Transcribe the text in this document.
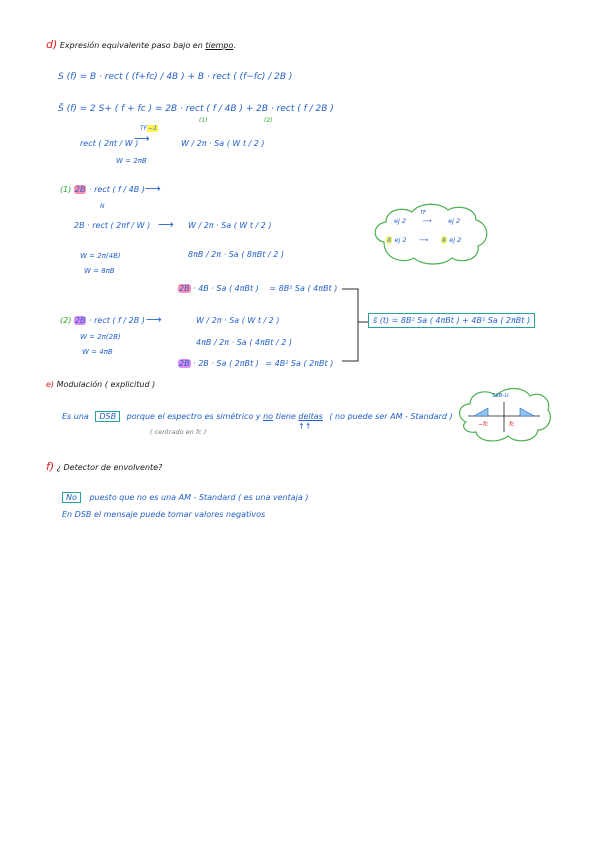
d) Expresión equivalente paso bajo en tiempo.
S (f) = B · rect ( (f+fc) / 4B ) + B · rect ( (f−fc) / 2B )
S̃ (f) = 2 S+ ( f + fc ) = 2B · rect ( f / 4B ) + 2B · rect ( f / 2B )
(1)	(2)
rect ( 2πt / W )
TF−1
⟶	W / 2π · Sa ( W t / 2 )
W = 2πB
(1) 2B · rect ( f / 4B ) ⟶
N
2B · rect ( 2πf / W ) ⟶ W / 2π · Sa ( W t / 2 )
W = 2π(4B)
W = 8πB
8πB / 2π · Sa ( 8πBt / 2 )
2B · 4B · Sa ( 4πBt ) = 8B² Sa ( 4πBt )
(2) 2B · rect ( f / 2B ) ⟶	W / 2π · Sa ( W t / 2 )
W = 2π(2B)
W = 4πB
4πB / 2π · Sa ( 4πBt / 2 )
2B · 2B · Sa ( 2πBt ) = 4B² Sa ( 2πBt )
s̃ (t) = 8B² Sa ( 4πBt ) + 4B² Sa ( 2πBt )
ej 2
TF
⟶	ej 2
X ej 2 ⟶ X ej 2
e) Modulación ( explicitud )
Es una DSB porque el espectro es simétrico y no tiene deltas ( no puede ser AM - Standard )
( centrado en fc )
↑↑
SSB-U
−fc	fc
f) ¿ Detector de envolvente?
No puesto que no es una AM - Standard ( es una ventaja )
En DSB el mensaje puede tomar valores negativos
